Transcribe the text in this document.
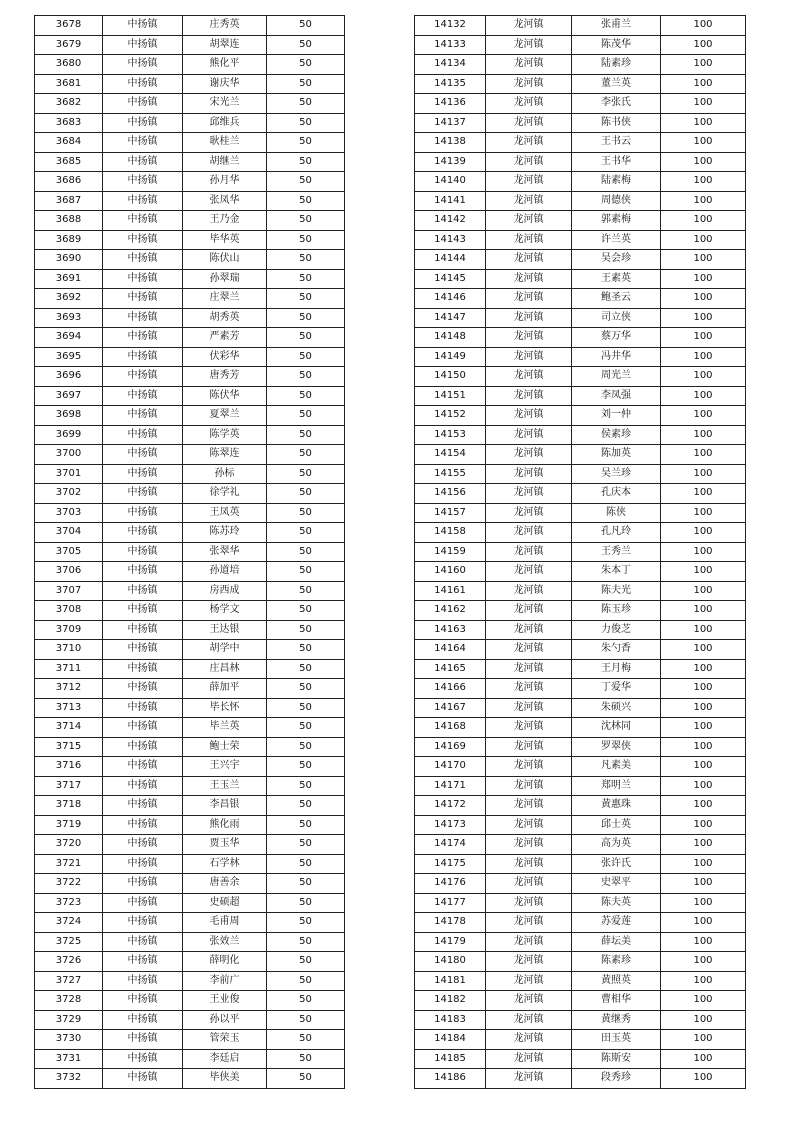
3678	中扬镇	庄秀英	50
3679	中扬镇	胡翠连	50
3680	中扬镇	熊化平	50
3681	中扬镇	谢庆华	50
3682	中扬镇	宋光兰	50
3683	中扬镇	邱维兵	50
3684	中扬镇	耿桂兰	50
3685	中扬镇	胡继兰	50
3686	中扬镇	孙月华	50
3687	中扬镇	张凤华	50
3688	中扬镇	王乃金	50
3689	中扬镇	毕华英	50
3690	中扬镇	陈伏山	50
3691	中扬镇	孙翠瑞	50
3692	中扬镇	庄翠兰	50
3693	中扬镇	胡秀英	50
3694	中扬镇	严素芳	50
3695	中扬镇	伏彩华	50
3696	中扬镇	唐秀芳	50
3697	中扬镇	陈伏华	50
3698	中扬镇	夏翠兰	50
3699	中扬镇	陈学英	50
3700	中扬镇	陈翠连	50
3701	中扬镇	孙标	50
3702	中扬镇	徐学礼	50
3703	中扬镇	王凤英	50
3704	中扬镇	陈苏玲	50
3705	中扬镇	张翠华	50
3706	中扬镇	孙道培	50
3707	中扬镇	房西成	50
3708	中扬镇	杨学文	50
3709	中扬镇	王达银	50
3710	中扬镇	胡学中	50
3711	中扬镇	庄昌林	50
3712	中扬镇	薛加平	50
3713	中扬镇	毕长怀	50
3714	中扬镇	毕兰英	50
3715	中扬镇	鲍士荣	50
3716	中扬镇	王兴宇	50
3717	中扬镇	王玉兰	50
3718	中扬镇	李昌银	50
3719	中扬镇	熊化雨	50
3720	中扬镇	贾玉华	50
3721	中扬镇	石学林	50
3722	中扬镇	唐善余	50
3723	中扬镇	史硕超	50
3724	中扬镇	毛甫周	50
3725	中扬镇	张效兰	50
3726	中扬镇	薛明化	50
3727	中扬镇	李前广	50
3728	中扬镇	王业俊	50
3729	中扬镇	孙以平	50
3730	中扬镇	管荣玉	50
3731	中扬镇	李廷启	50
3732	中扬镇	毕侠美	50
14132	龙河镇	张甫兰	100
14133	龙河镇	陈茂华	100
14134	龙河镇	陆素珍	100
14135	龙河镇	董兰英	100
14136	龙河镇	李张氏	100
14137	龙河镇	陈书侠	100
14138	龙河镇	王书云	100
14139	龙河镇	王书华	100
14140	龙河镇	陆素梅	100
14141	龙河镇	周德侠	100
14142	龙河镇	郭素梅	100
14143	龙河镇	许兰英	100
14144	龙河镇	吴会珍	100
14145	龙河镇	王素英	100
14146	龙河镇	鲍圣云	100
14147	龙河镇	司立侠	100
14148	龙河镇	蔡万华	100
14149	龙河镇	冯井华	100
14150	龙河镇	周光兰	100
14151	龙河镇	李凤强	100
14152	龙河镇	刘一仲	100
14153	龙河镇	侯素珍	100
14154	龙河镇	陈加英	100
14155	龙河镇	吴兰珍	100
14156	龙河镇	孔庆本	100
14157	龙河镇	陈侠	100
14158	龙河镇	孔凡玲	100
14159	龙河镇	王秀兰	100
14160	龙河镇	朱本丁	100
14161	龙河镇	陈夫光	100
14162	龙河镇	陈玉珍	100
14163	龙河镇	力俊芝	100
14164	龙河镇	朱勺香	100
14165	龙河镇	王月梅	100
14166	龙河镇	丁爱华	100
14167	龙河镇	朱硕兴	100
14168	龙河镇	沈林同	100
14169	龙河镇	罗翠侠	100
14170	龙河镇	凡素美	100
14171	龙河镇	郑明兰	100
14172	龙河镇	黄惠珠	100
14173	龙河镇	邱士英	100
14174	龙河镇	高为英	100
14175	龙河镇	张许氏	100
14176	龙河镇	史翠平	100
14177	龙河镇	陈夫英	100
14178	龙河镇	苏爱莲	100
14179	龙河镇	薛坛美	100
14180	龙河镇	陈素珍	100
14181	龙河镇	黄照英	100
14182	龙河镇	曹相华	100
14183	龙河镇	黄继秀	100
14184	龙河镇	田玉英	100
14185	龙河镇	陈斯安	100
14186	龙河镇	段秀珍	100
